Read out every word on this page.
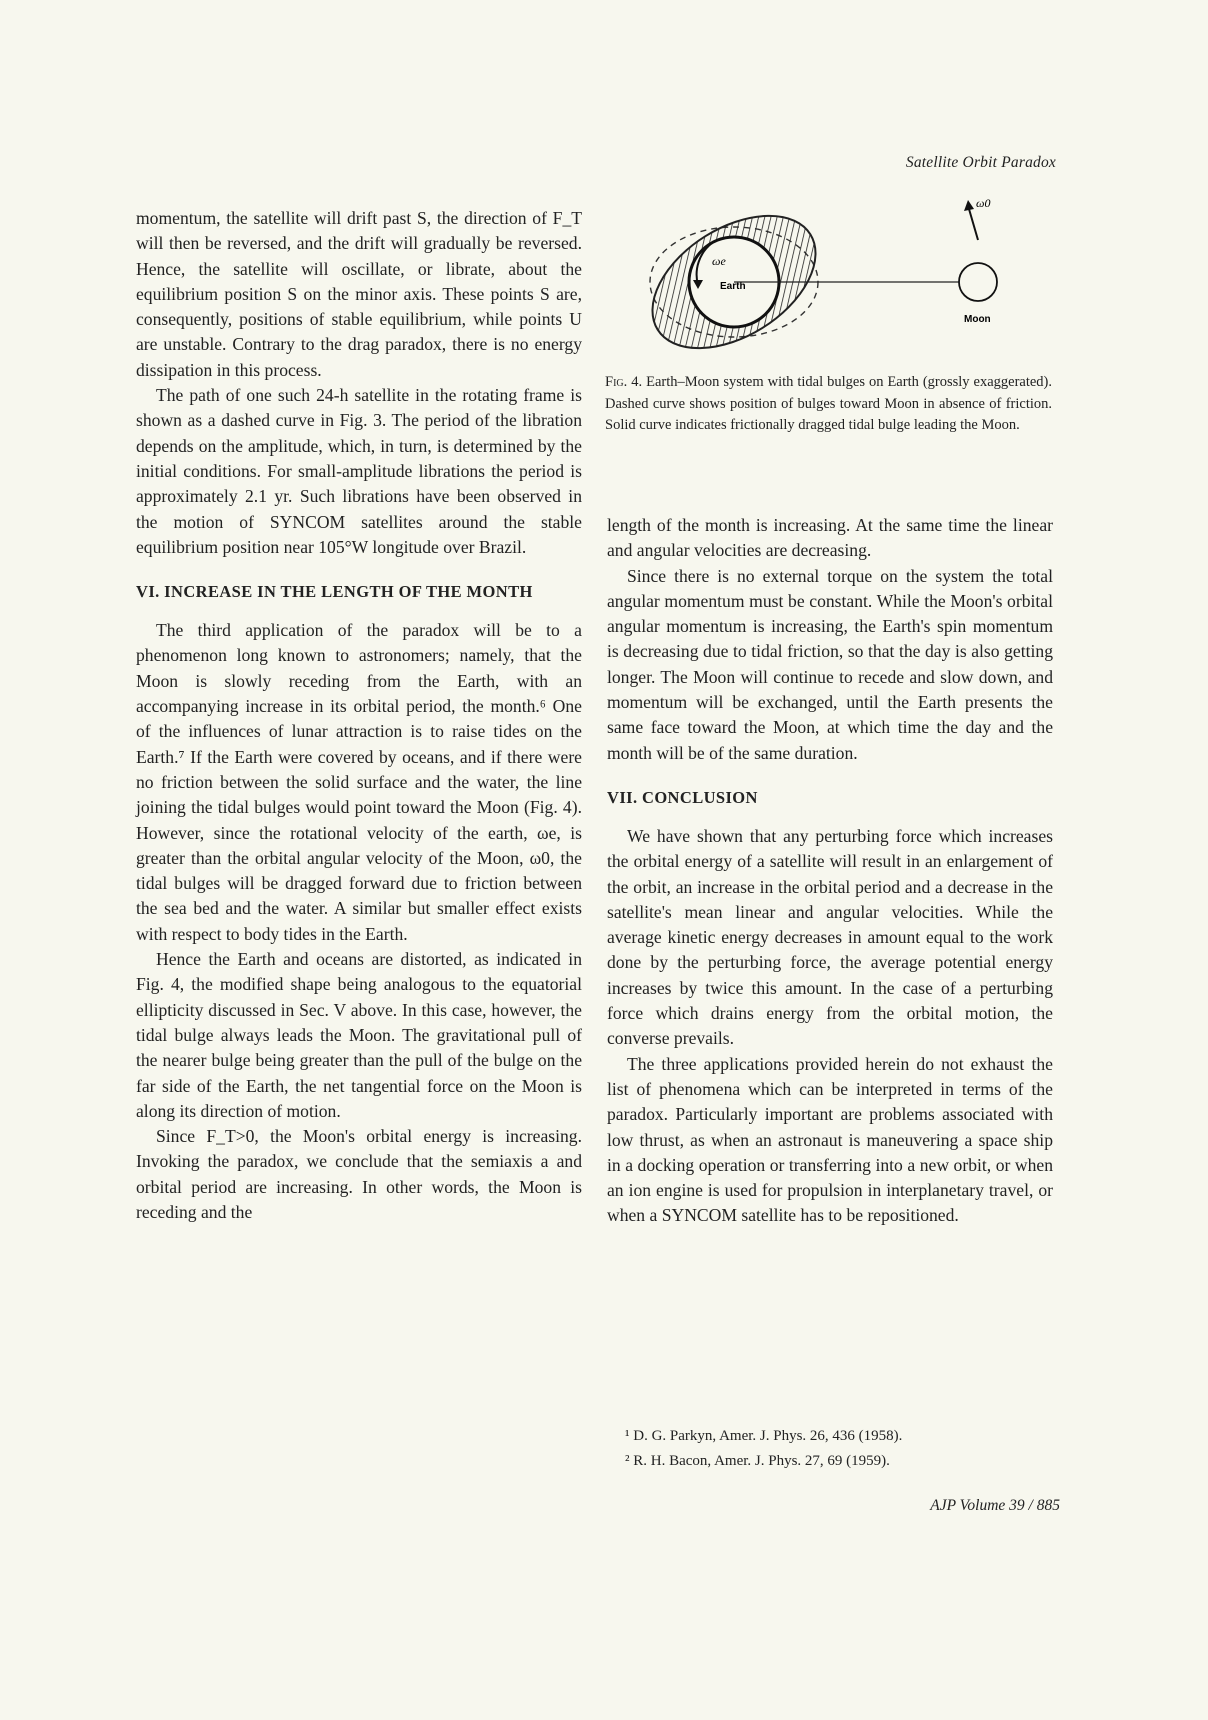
Satellite Orbit Paradox

momentum, the satellite will drift past S, the direction of F_T will then be reversed, and the drift will gradually be reversed. Hence, the satellite will oscillate, or librate, about the equilibrium position S on the minor axis. These points S are, consequently, positions of stable equilibrium, while points U are unstable. Contrary to the drag paradox, there is no energy dissipation in this process.

The path of one such 24-h satellite in the rotating frame is shown as a dashed curve in Fig. 3. The period of the libration depends on the amplitude, which, in turn, is determined by the initial conditions. For small-amplitude librations the period is approximately 2.1 yr. Such librations have been observed in the motion of SYNCOM satellites around the stable equilibrium position near 105°W longitude over Brazil.

VI. INCREASE IN THE LENGTH OF THE MONTH

The third application of the paradox will be to a phenomenon long known to astronomers; namely, that the Moon is slowly receding from the Earth, with an accompanying increase in its orbital period, the month.⁶ One of the influences of lunar attraction is to raise tides on the Earth.⁷ If the Earth were covered by oceans, and if there were no friction between the solid surface and the water, the line joining the tidal bulges would point toward the Moon (Fig. 4). However, since the rotational velocity of the earth, ωe, is greater than the orbital angular velocity of the Moon, ω0, the tidal bulges will be dragged forward due to friction between the sea bed and the water. A similar but smaller effect exists with respect to body tides in the Earth.

Hence the Earth and oceans are distorted, as indicated in Fig. 4, the modified shape being analogous to the equatorial ellipticity discussed in Sec. V above. In this case, however, the tidal bulge always leads the Moon. The gravitational pull of the nearer bulge being greater than the pull of the bulge on the far side of the Earth, the net tangential force on the Moon is along its direction of motion.

Since F_T>0, the Moon's orbital energy is increasing. Invoking the paradox, we conclude that the semiaxis a and orbital period are increasing. In other words, the Moon is receding and the

ωe
Earth
Moon
ω0
Fig. 4. Earth–Moon system with tidal bulges on Earth (grossly exaggerated). Dashed curve shows position of bulges toward Moon in absence of friction. Solid curve indicates frictionally dragged tidal bulge leading the Moon.

length of the month is increasing. At the same time the linear and angular velocities are decreasing.

Since there is no external torque on the system the total angular momentum must be constant. While the Moon's orbital angular momentum is increasing, the Earth's spin momentum is decreasing due to tidal friction, so that the day is also getting longer. The Moon will continue to recede and slow down, and momentum will be exchanged, until the Earth presents the same face toward the Moon, at which time the day and the month will be of the same duration.

VII. CONCLUSION

We have shown that any perturbing force which increases the orbital energy of a satellite will result in an enlargement of the orbit, an increase in the orbital period and a decrease in the satellite's mean linear and angular velocities. While the average kinetic energy decreases in amount equal to the work done by the perturbing force, the average potential energy increases by twice this amount. In the case of a perturbing force which drains energy from the orbital motion, the converse prevails.

The three applications provided herein do not exhaust the list of phenomena which can be interpreted in terms of the paradox. Particularly important are problems associated with low thrust, as when an astronaut is maneuvering a space ship in a docking operation or transferring into a new orbit, or when an ion engine is used for propulsion in interplanetary travel, or when a SYNCOM satellite has to be repositioned.

¹ D. G. Parkyn, Amer. J. Phys. 26, 436 (1958).
² R. H. Bacon, Amer. J. Phys. 27, 69 (1959).
AJP Volume 39 / 885
